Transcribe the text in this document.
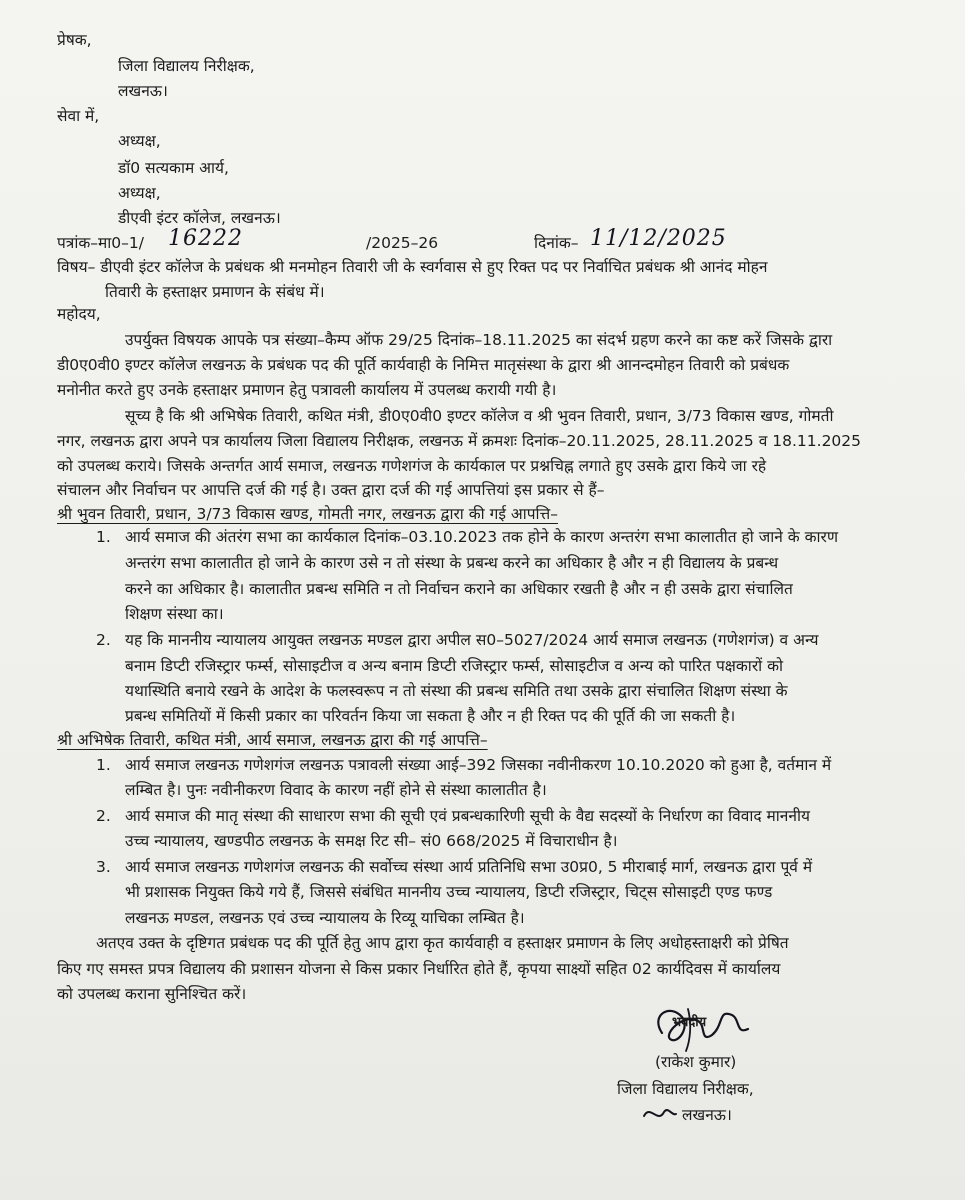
प्रेषक,
जिला विद्यालय निरीक्षक,
लखनऊ।
सेवा में,
अध्यक्ष,
डॉ0 सत्यकाम आर्य,
अध्यक्ष,
डीएवी इंटर कॉलेज, लखनऊ।
पत्रांक–मा0–1/ 16222	/2025–26	दिनांक– 11/12/2025
विषय– डीएवी इंटर कॉलेज के प्रबंधक श्री मनमोहन तिवारी जी के स्वर्गवास से हुए रिक्त पद पर निर्वाचित प्रबंधक श्री आनंद मोहन
तिवारी के हस्ताक्षर प्रमाणन के संबंध में।
महोदय,
उपर्युक्त विषयक आपके पत्र संख्या–कैम्प ऑफ 29/25 दिनांक–18.11.2025 का संदर्भ ग्रहण करने का कष्ट करें जिसके द्वारा
डी0ए0वी0 इण्टर कॉलेज लखनऊ के प्रबंधक पद की पूर्ति कार्यवाही के निमित्त मातृसंस्था के द्वारा श्री आनन्दमोहन तिवारी को प्रबंधक
मनोनीत करते हुए उनके हस्ताक्षर प्रमाणन हेतु पत्रावली कार्यालय में उपलब्ध करायी गयी है।
सूच्य है कि श्री अभिषेक तिवारी, कथित मंत्री, डी0ए0वी0 इण्टर कॉलेज व श्री भुवन तिवारी, प्रधान, 3/73 विकास खण्ड, गोमती
नगर, लखनऊ द्वारा अपने पत्र कार्यालय जिला विद्यालय निरीक्षक, लखनऊ में क्रमशः दिनांक–20.11.2025, 28.11.2025 व 18.11.2025
को उपलब्ध कराये। जिसके अन्तर्गत आर्य समाज, लखनऊ गणेशगंज के कार्यकाल पर प्रश्नचिह्न लगाते हुए उसके द्वारा किये जा रहे
संचालन और निर्वाचन पर आपत्ति दर्ज की गई है। उक्त द्वारा दर्ज की गई आपत्तियां इस प्रकार से हैं–
श्री भुवन तिवारी, प्रधान, 3/73 विकास खण्ड, गोमती नगर, लखनऊ द्वारा की गई आपत्ति–
1. आर्य समाज की अंतरंग सभा का कार्यकाल दिनांक–03.10.2023 तक होने के कारण अन्तरंग सभा कालातीत हो जाने के कारण
अन्तरंग सभा कालातीत हो जाने के कारण उसे न तो संस्था के प्रबन्ध करने का अधिकार है और न ही विद्यालय के प्रबन्ध
करने का अधिकार है। कालातीत प्रबन्ध समिति न तो निर्वाचन कराने का अधिकार रखती है और न ही उसके द्वारा संचालित
शिक्षण संस्था का।
2. यह कि माननीय न्यायालय आयुक्त लखनऊ मण्डल द्वारा अपील स0–5027/2024 आर्य समाज लखनऊ (गणेशगंज) व अन्य
बनाम डिप्टी रजिस्ट्रार फर्म्स, सोसाइटीज व अन्य बनाम डिप्टी रजिस्ट्रार फर्म्स, सोसाइटीज व अन्य को पारित पक्षकारों को
यथास्थिति बनाये रखने के आदेश के फलस्वरूप न तो संस्था की प्रबन्ध समिति तथा उसके द्वारा संचालित शिक्षण संस्था के
प्रबन्ध समितियों में किसी प्रकार का परिवर्तन किया जा सकता है और न ही रिक्त पद की पूर्ति की जा सकती है।
श्री अभिषेक तिवारी, कथित मंत्री, आर्य समाज, लखनऊ द्वारा की गई आपत्ति–
1. आर्य समाज लखनऊ गणेशगंज लखनऊ पत्रावली संख्या आई–392 जिसका नवीनीकरण 10.10.2020 को हुआ है, वर्तमान में
लम्बित है। पुनः नवीनीकरण विवाद के कारण नहीं होने से संस्था कालातीत है।
2. आर्य समाज की मातृ संस्था की साधारण सभा की सूची एवं प्रबन्धकारिणी सूची के वैद्य सदस्यों के निर्धारण का विवाद माननीय
उच्च न्यायालय, खण्डपीठ लखनऊ के समक्ष रिट सी– सं0 668/2025 में विचाराधीन है।
3. आर्य समाज लखनऊ गणेशगंज लखनऊ की सर्वोच्च संस्था आर्य प्रतिनिधि सभा उ0प्र0, 5 मीराबाई मार्ग, लखनऊ द्वारा पूर्व में
भी प्रशासक नियुक्त किये गये हैं, जिससे संबंधित माननीय उच्च न्यायालय, डिप्टी रजिस्ट्रार, चिट्स सोसाइटी एण्ड फण्ड
लखनऊ मण्डल, लखनऊ एवं उच्च न्यायालय के रिव्यू याचिका लम्बित है।
अतएव उक्त के दृष्टिगत प्रबंधक पद की पूर्ति हेतु आप द्वारा कृत कार्यवाही व हस्ताक्षर प्रमाणन के लिए अधोहस्ताक्षरी को प्रेषित
किए गए समस्त प्रपत्र विद्यालय की प्रशासन योजना से किस प्रकार निर्धारित होते हैं, कृपया साक्ष्यों सहित 02 कार्यदिवस में कार्यालय
को उपलब्ध कराना सुनिश्चित करें।
भवदीय
(राकेश कुमार)
जिला विद्यालय निरीक्षक,
लखनऊ।
